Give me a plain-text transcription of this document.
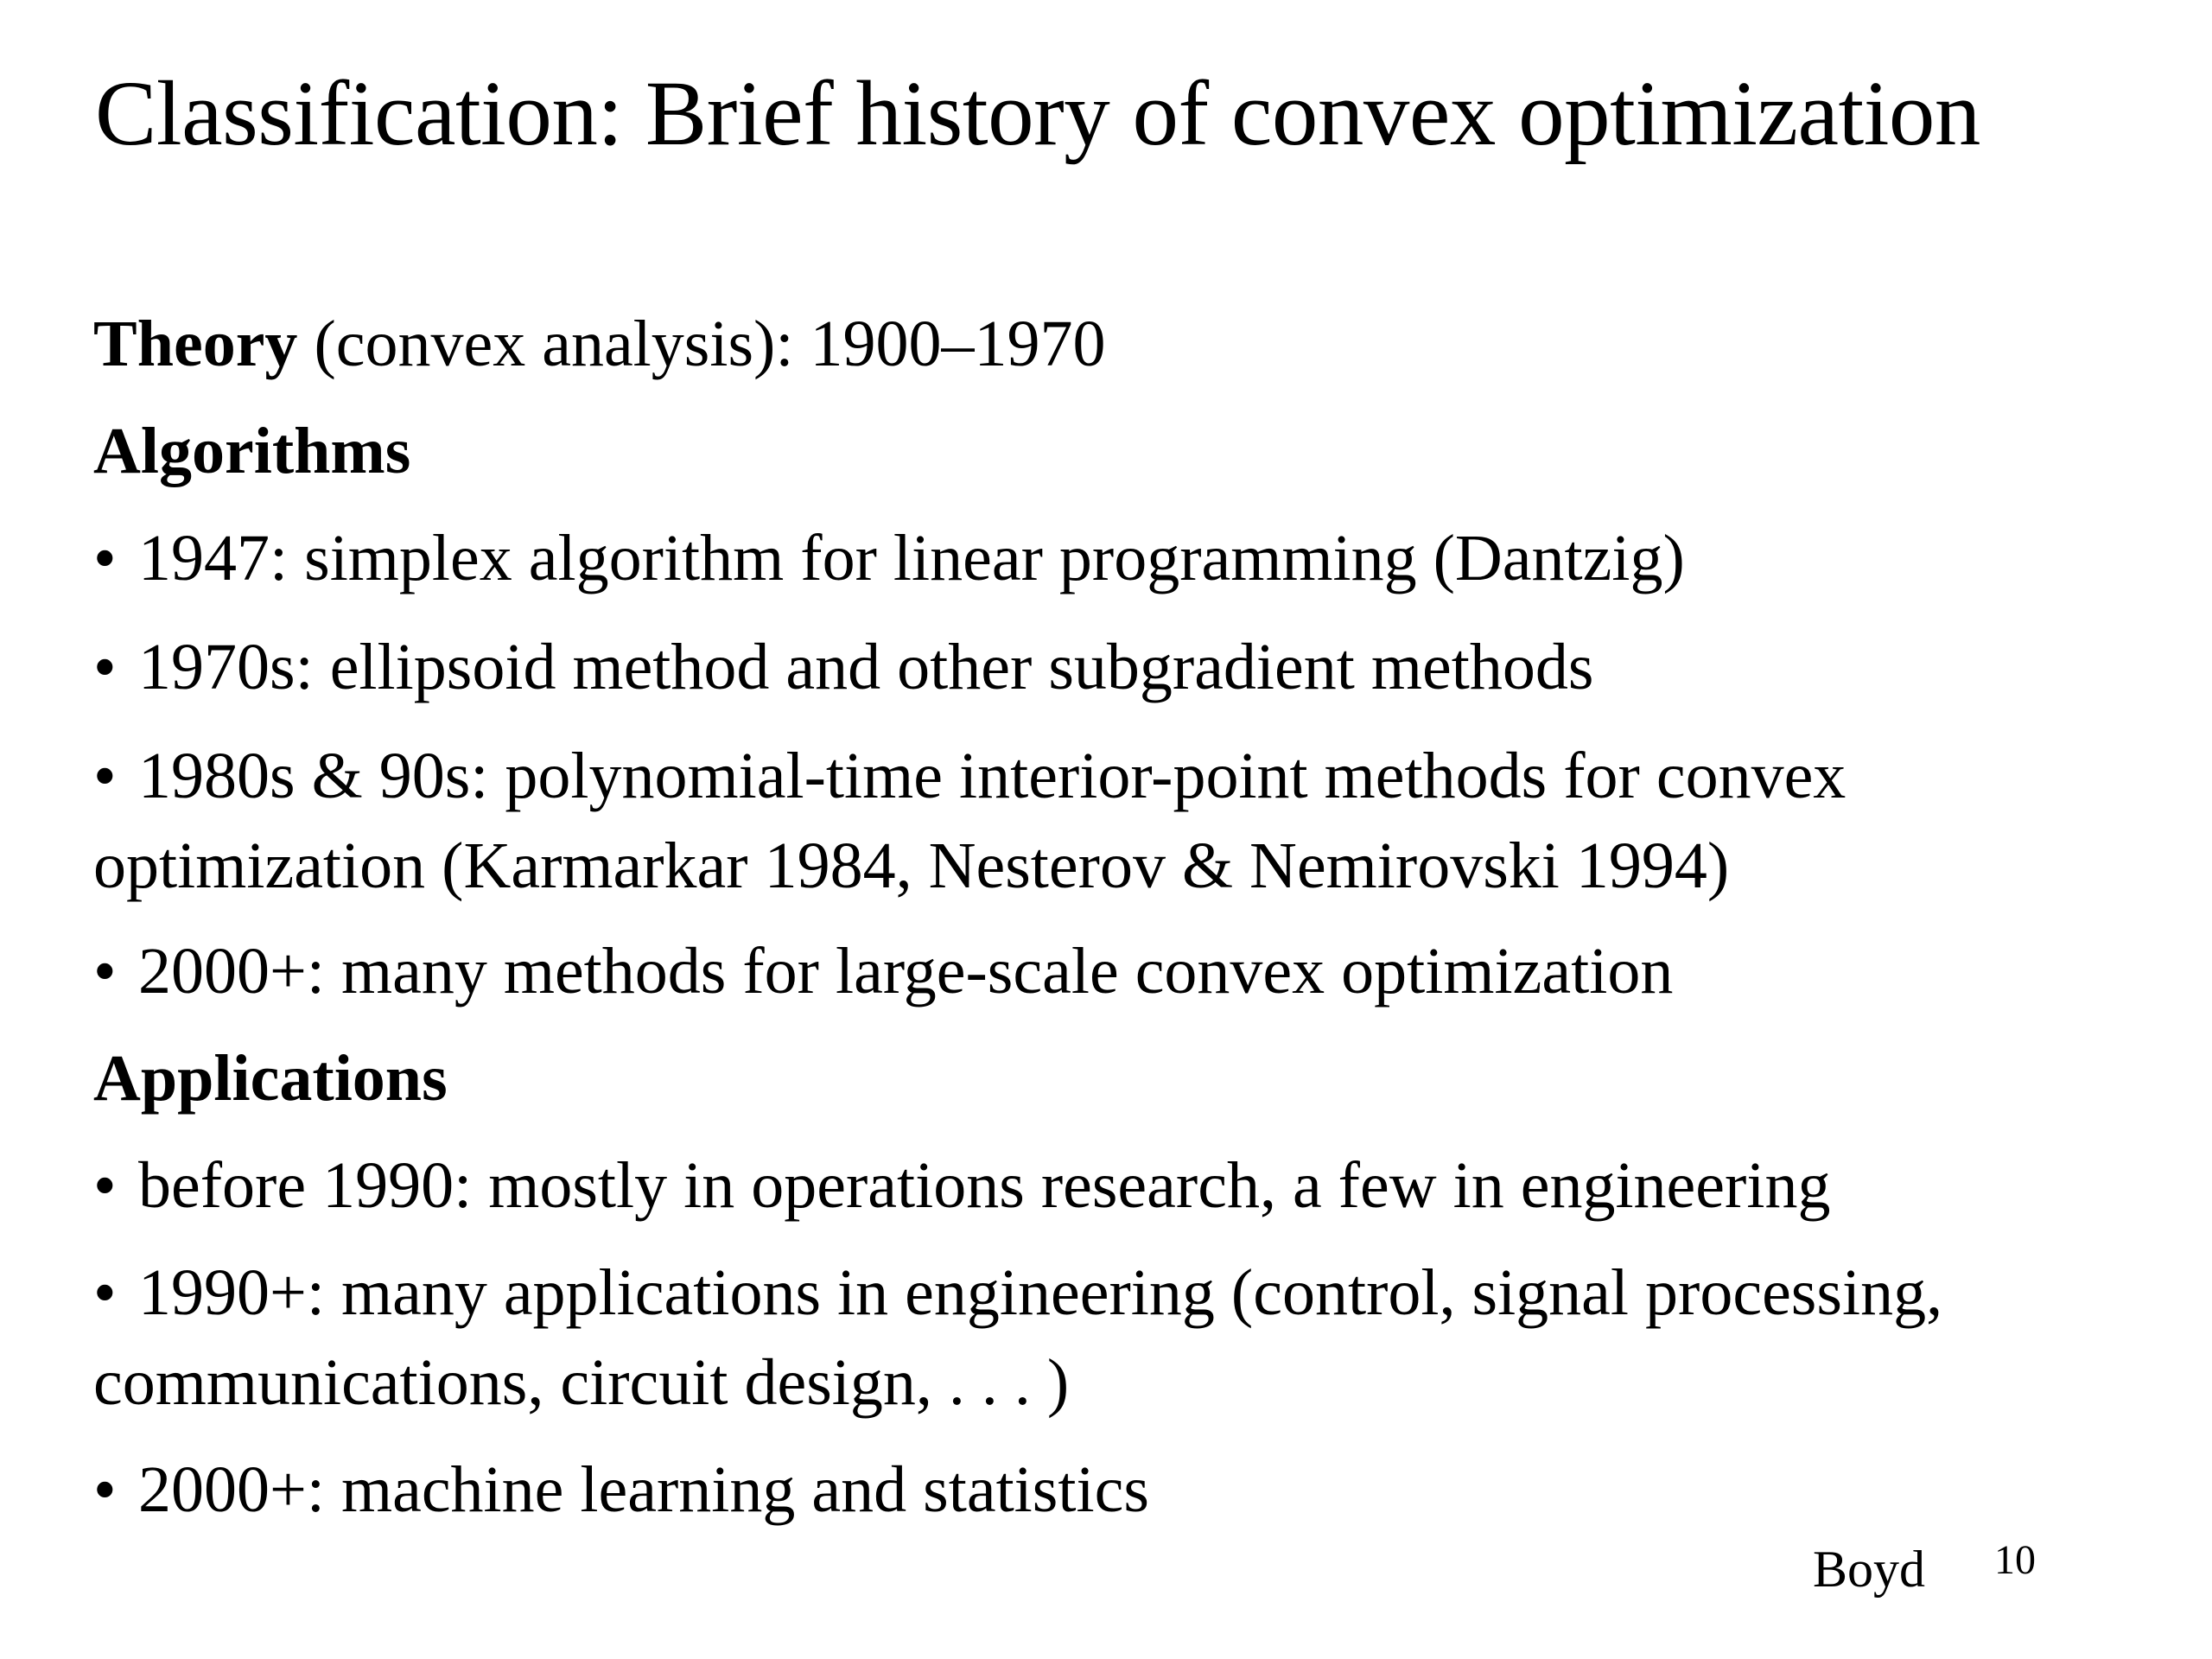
Classification: Brief history of convex optimization
Theory (convex analysis): 1900–1970
Algorithms
• 1947: simplex algorithm for linear programming (Dantzig)
• 1970s: ellipsoid method and other subgradient methods
• 1980s & 90s: polynomial-time interior-point methods for convex
optimization (Karmarkar 1984, Nesterov & Nemirovski 1994)
• 2000+: many methods for large-scale convex optimization
Applications
• before 1990: mostly in operations research, a few in engineering
• 1990+: many applications in engineering (control, signal processing,
communications, circuit design, . . . )
• 2000+: machine learning and statistics
Boyd 10
